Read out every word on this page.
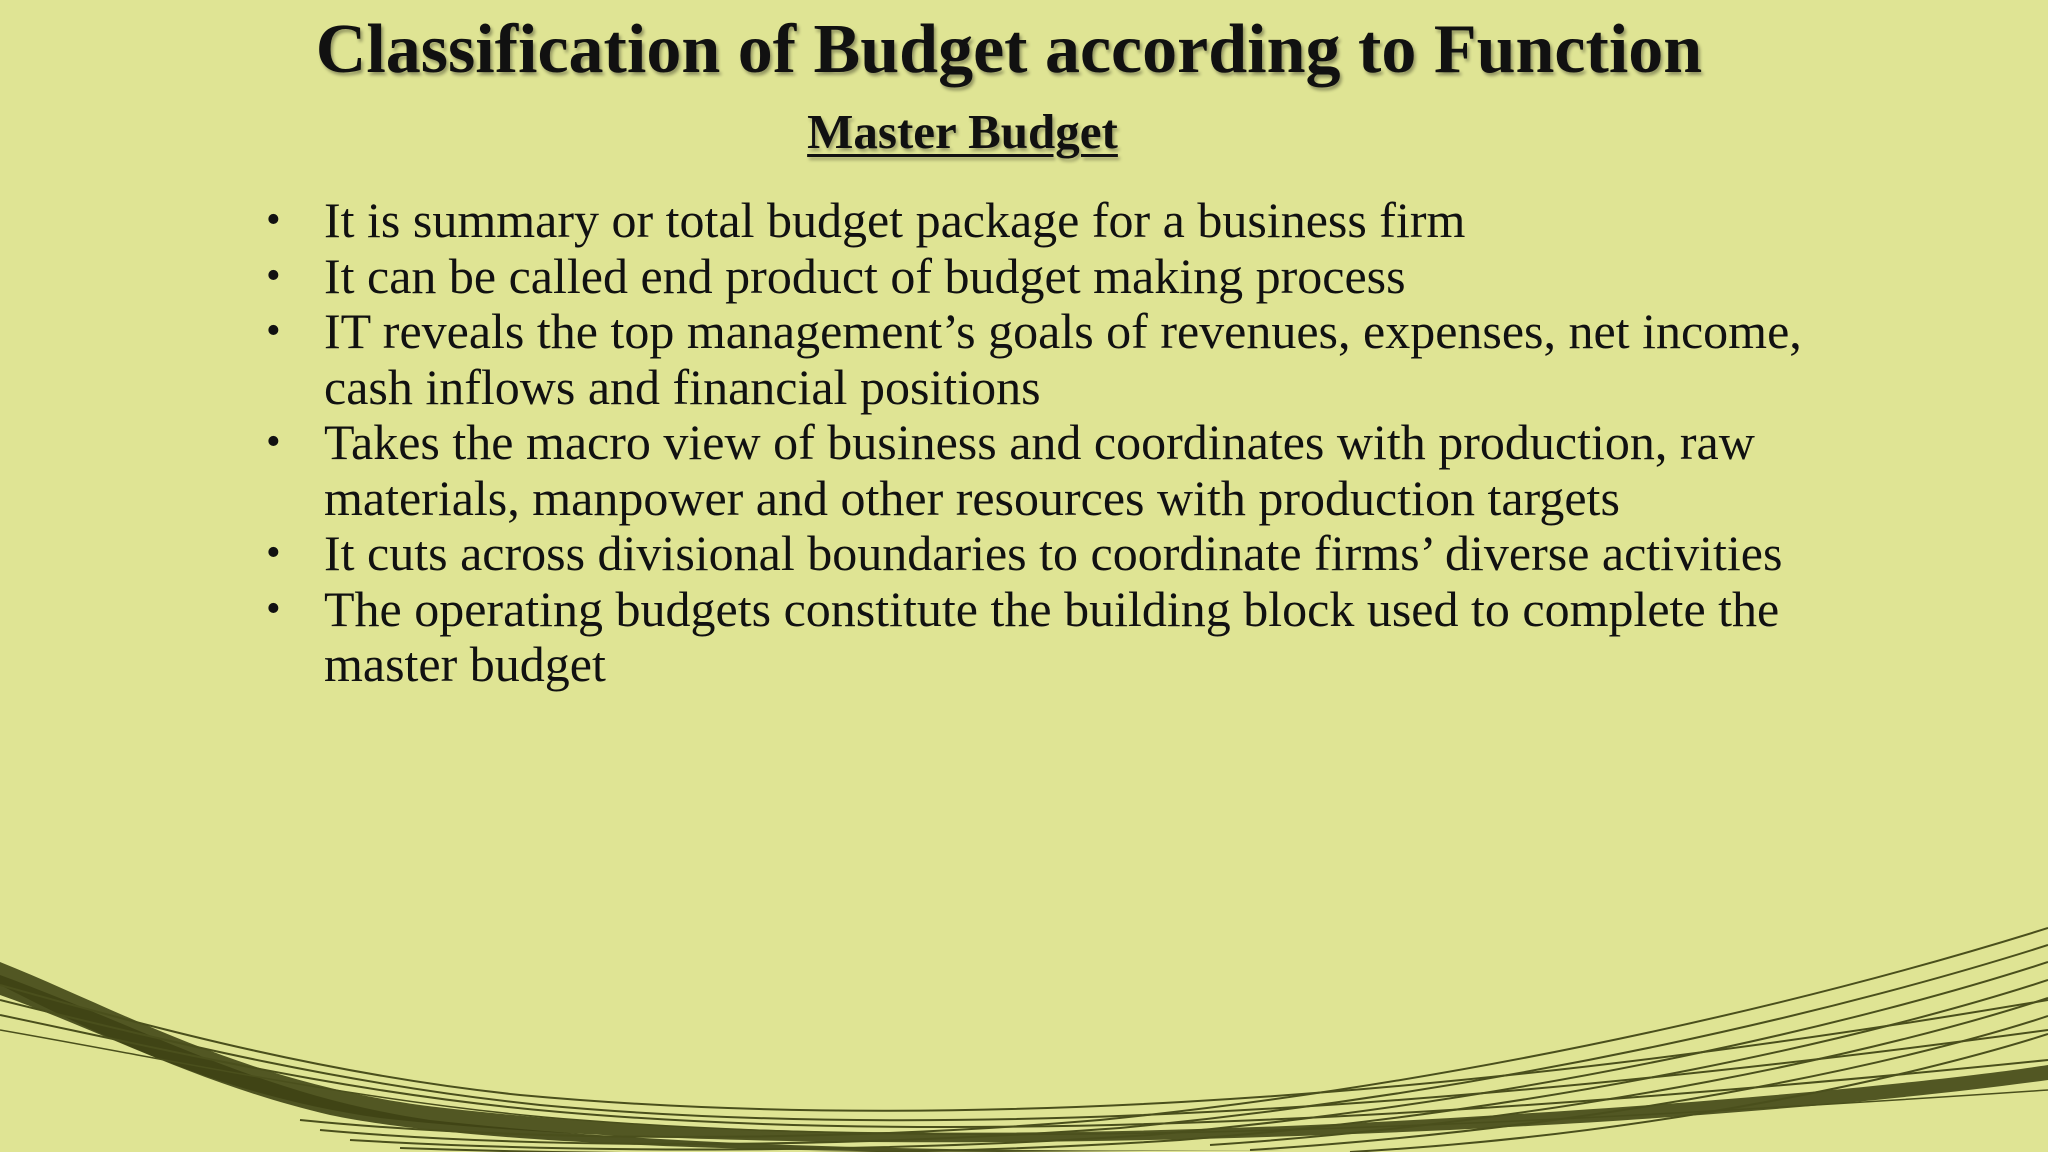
Classification of Budget according to Function
Master Budget
• It is summary or total budget package for a business firm
• It can be called end product of budget making process
• IT reveals the top management’s goals of revenues, expenses, net income, cash inflows and financial positions
• Takes the macro view of business and coordinates with production, raw materials, manpower and other resources with production targets
• It cuts across divisional boundaries to coordinate firms’ diverse activities
• The operating budgets constitute the building block used to complete the master budget
